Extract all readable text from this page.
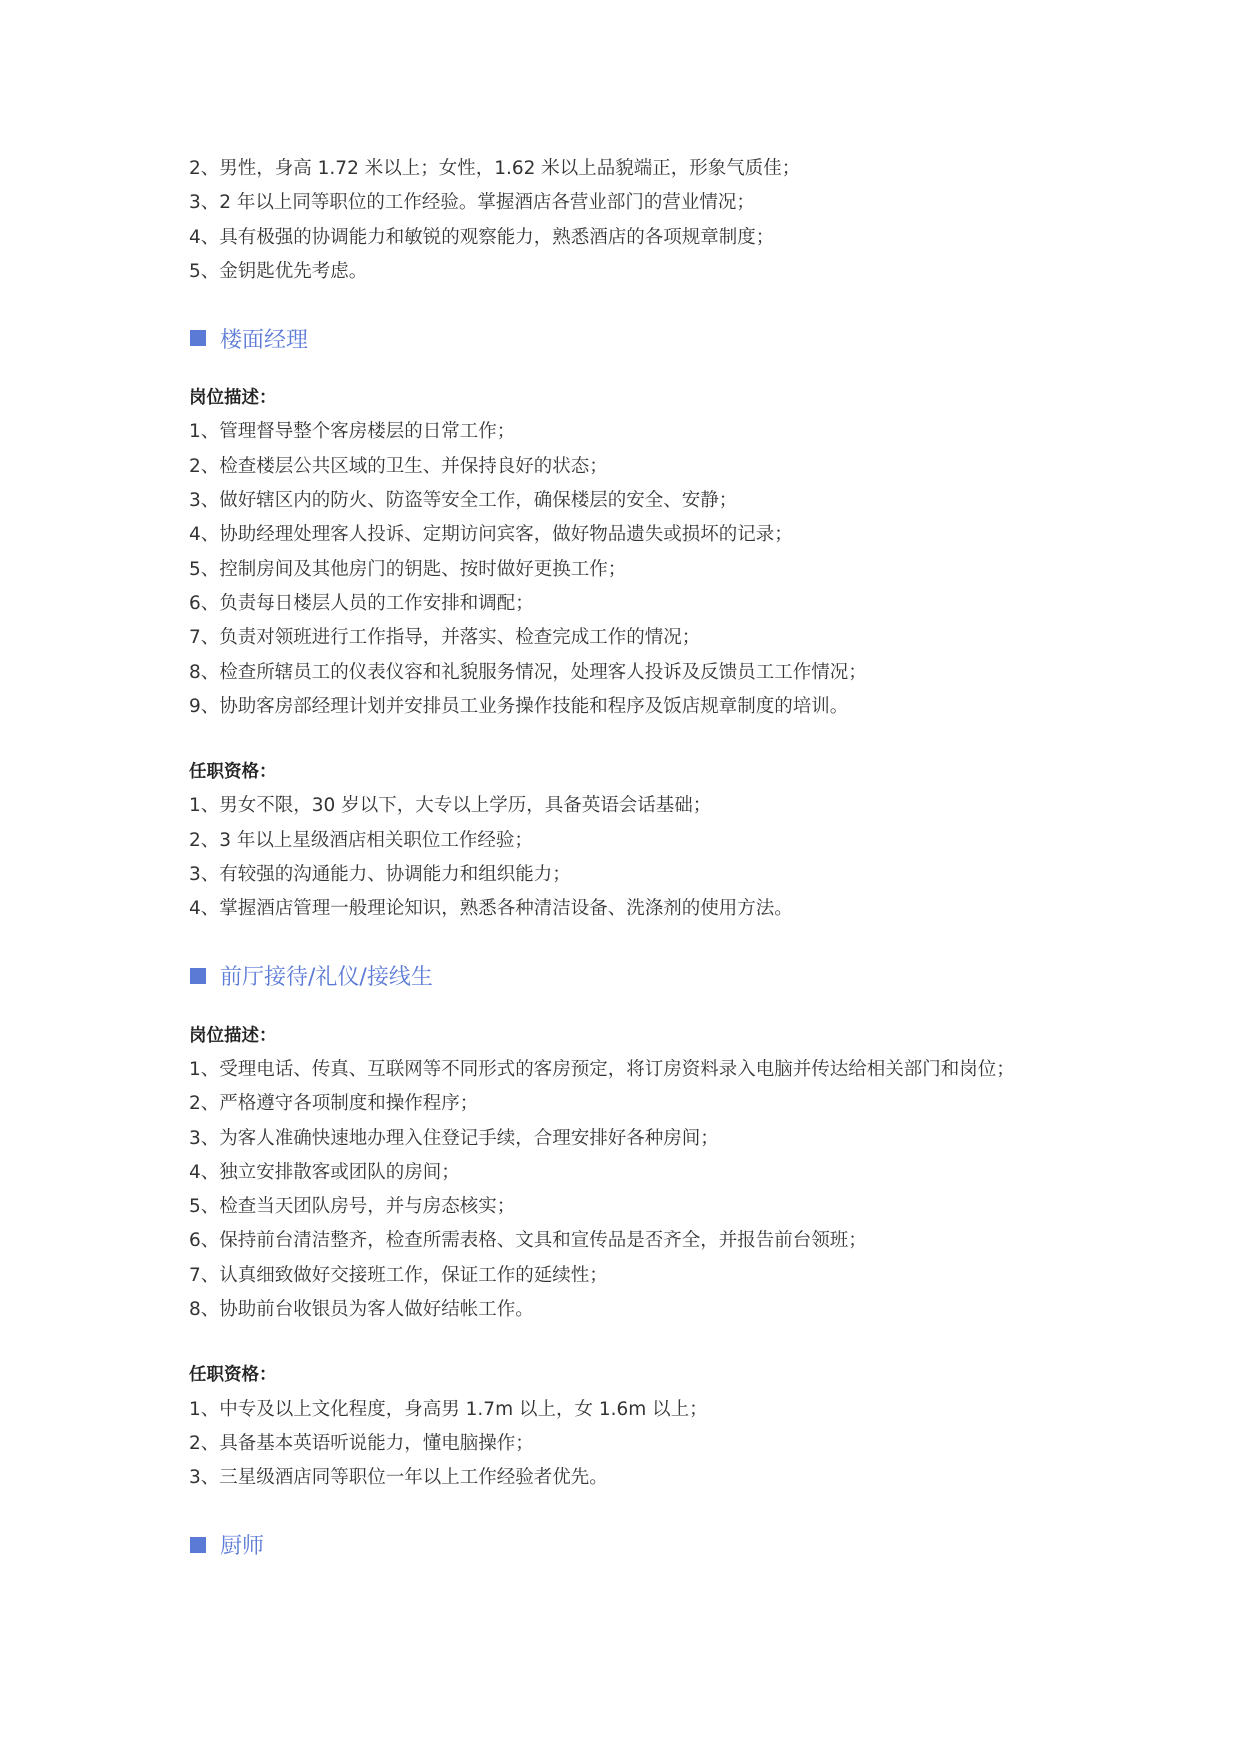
2、男性，身高 1.72 米以上；女性，1.62 米以上品貌端正，形象气质佳；
3、2 年以上同等职位的工作经验。掌握酒店各营业部门的营业情况；
4、具有极强的协调能力和敏锐的观察能力，熟悉酒店的各项规章制度；
5、金钥匙优先考虑。
楼面经理
岗位描述：
1、管理督导整个客房楼层的日常工作；
2、检查楼层公共区域的卫生、并保持良好的状态；
3、做好辖区内的防火、防盗等安全工作，确保楼层的安全、安静；
4、协助经理处理客人投诉、定期访问宾客，做好物品遗失或损坏的记录；
5、控制房间及其他房门的钥匙、按时做好更换工作；
6、负责每日楼层人员的工作安排和调配；
7、负责对领班进行工作指导，并落实、检查完成工作的情况；
8、检查所辖员工的仪表仪容和礼貌服务情况，处理客人投诉及反馈员工工作情况；
9、协助客房部经理计划并安排员工业务操作技能和程序及饭店规章制度的培训。
任职资格：
1、男女不限，30 岁以下，大专以上学历，具备英语会话基础；
2、3 年以上星级酒店相关职位工作经验；
3、有较强的沟通能力、协调能力和组织能力；
4、掌握酒店管理一般理论知识，熟悉各种清洁设备、洗涤剂的使用方法。
前厅接待/礼仪/接线生
岗位描述：
1、受理电话、传真、互联网等不同形式的客房预定，将订房资料录入电脑并传达给相关部门和岗位；
2、严格遵守各项制度和操作程序；
3、为客人准确快速地办理入住登记手续，合理安排好各种房间；
4、独立安排散客或团队的房间；
5、检查当天团队房号，并与房态核实；
6、保持前台清洁整齐，检查所需表格、文具和宣传品是否齐全，并报告前台领班；
7、认真细致做好交接班工作，保证工作的延续性；
8、协助前台收银员为客人做好结帐工作。
任职资格：
1、中专及以上文化程度，身高男 1.7m 以上，女 1.6m 以上；
2、具备基本英语听说能力，懂电脑操作；
3、三星级酒店同等职位一年以上工作经验者优先。
厨师
